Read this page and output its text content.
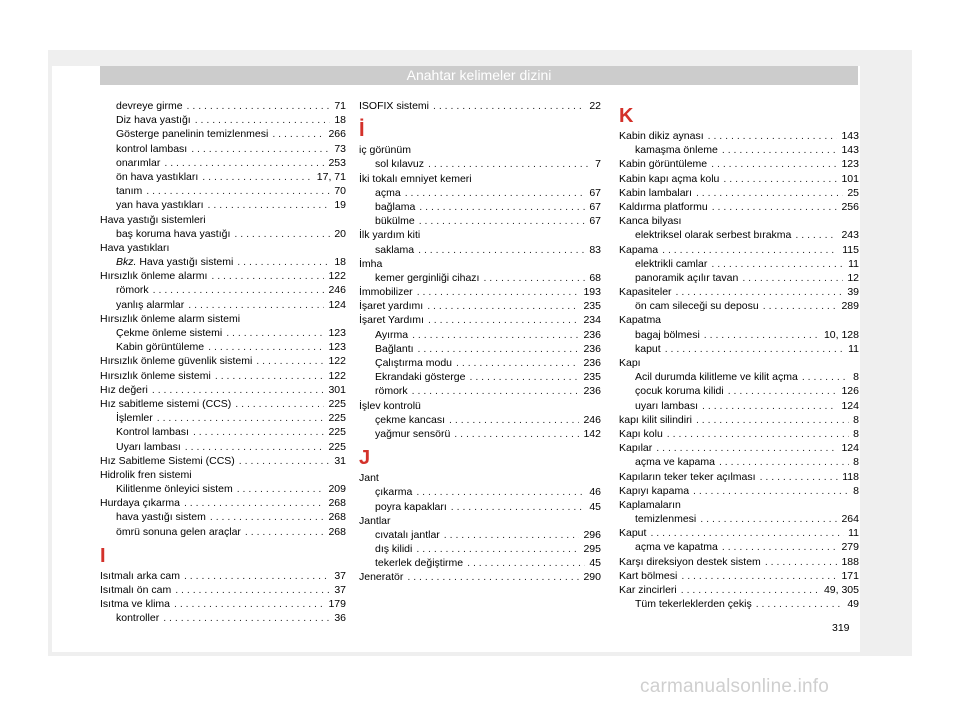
Anahtar kelimeler dizini
devreye girme . . .	71
Diz hava yastığı . . .	18
Gösterge panelinin temizlenmesi . . .	266
kontrol lambası . . .	73
onarımlar . . .	253
ön hava yastıkları . . .	17, 71
tanım . . .	70
yan hava yastıkları . . .	19
Hava yastığı sistemleri
baş koruma hava yastığı . . .	20
Hava yastıkları
Bkz. Hava yastığı sistemi . . .	18
Hırsızlık önleme alarmı . . .	122
römork . . .	246
yanlış alarmlar . . .	124
Hırsızlık önleme alarm sistemi
Çekme önleme sistemi . . .	123
Kabin görüntüleme . . .	123
Hırsızlık önleme güvenlik sistemi . . .	122
Hırsızlık önleme sistemi . . .	122
Hız değeri . . .	301
Hız sabitleme sistemi (CCS) . . .	225
İşlemler . . .	225
Kontrol lambası . . .	225
Uyarı lambası . . .	225
Hız Sabitleme Sistemi (CCS) . . .	31
Hidrolik fren sistemi
Kilitlenme önleyici sistem . . .	209
Hurdaya çıkarma . . .	268
hava yastığı sistem . . .	268
ömrü sonuna gelen araçlar . . .	268
I
Isıtmalı arka cam . . .	37
Isıtmalı ön cam . . .	37
Isıtma ve klima . . .	179
kontroller . . .	36
ISOFIX sistemi . . .	22
İ
iç görünüm
sol kılavuz . . .	7
İki tokalı emniyet kemeri
açma . . .	67
bağlama . . .	67
bükülme . . .	67
İlk yardım kiti
saklama . . .	83
İmha
kemer gerginliği cihazı . . .	68
İmmobilizer . . .	193
İşaret yardımı . . .	235
İşaret Yardımı . . .	234
Ayırma . . .	236
Bağlantı . . .	236
Çalıştırma modu . . .	236
Ekrandaki gösterge . . .	235
römork . . .	236
İşlev kontrolü
çekme kancası . . .	246
yağmur sensörü . . .	142
J
Jant
çıkarma . . .	46
poyra kapakları . . .	45
Jantlar
cıvatalı jantlar . . .	296
dış kilidi . . .	295
tekerlek değiştirme . . .	45
Jeneratör . . .	290
K
Kabin dikiz aynası . . .	143
kamaşma önleme . . .	143
Kabin görüntüleme . . .	123
Kabin kapı açma kolu . . .	101
Kabin lambaları . . .	25
Kaldırma platformu . . .	256
Kanca bilyası
elektriksel olarak serbest bırakma . . .	243
Kapama . . .	115
elektrikli camlar . . .	11
panoramik açılır tavan . . .	12
Kapasiteler . . .	39
ön cam sileceği su deposu . . .	289
Kapatma
bagaj bölmesi . . .	10, 128
kaput . . .	11
Kapı
Acil durumda kilitleme ve kilit açma . . .	8
çocuk koruma kilidi . . .	126
uyarı lambası . . .	124
kapı kilit silindiri . . .	8
Kapı kolu . . .	8
Kapılar . . .	124
açma ve kapama . . .	8
Kapıların teker teker açılması . . .	118
Kapıyı kapama . . .	8
Kaplamaların
temizlenmesi . . .	264
Kaput . . .	11
açma ve kapatma . . .	279
Karşı direksiyon destek sistem . . .	188
Kart bölmesi . . .	171
Kar zincirleri . . .	49, 305
Tüm tekerleklerden çekiş . . .	49
319
carmanualsonline.info
